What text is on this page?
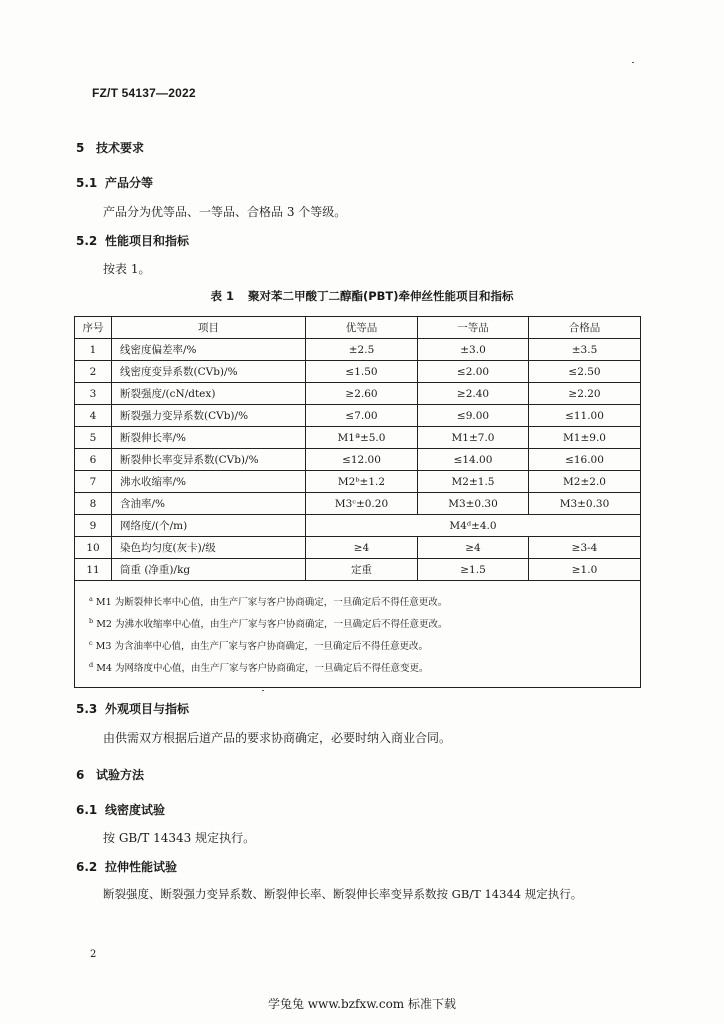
FZ/T 54137—2022
5 技术要求
5.1 产品分等
产品分为优等品、一等品、合格品 3 个等级。
5.2 性能项目和指标
按表 1。
表 1 聚对苯二甲酸丁二醇酯(PBT)牵伸丝性能项目和指标
序号	项目	优等品	一等品	合格品
1	线密度偏差率/%	±2.5	±3.0	±3.5
2	线密度变异系数(CVb)/%	≤1.50	≤2.00	≤2.50
3	断裂强度/(cN/dtex)	≥2.60	≥2.40	≥2.20
4	断裂强力变异系数(CVb)/%	≤7.00	≤9.00	≤11.00
5	断裂伸长率/%	M1ª±5.0	M1±7.0	M1±9.0
6	断裂伸长率变异系数(CVb)/%	≤12.00	≤14.00	≤16.00
7	沸水收缩率/%	M2ᵇ±1.2	M2±1.5	M2±2.0
8	含油率/%	M3ᶜ±0.20	M3±0.30	M3±0.30
9	网络度/(个/m)	M4ᵈ±4.0		
10	染色均匀度(灰卡)/级	≥4	≥4	≥3-4
11	筒重 (净重)/kg	定重	≥1.5	≥1.0

$^a$ M1 为断裂伸长率中心值，由生产厂家与客户协商确定，一旦确定后不得任意更改。
$^b$ M2 为沸水收缩率中心值，由生产厂家与客户协商确定，一旦确定后不得任意更改。
$^c$ M3 为含油率中心值，由生产厂家与客户协商确定，一旦确定后不得任意更改。
$^d$ M4 为网络度中心值，由生产厂家与客户协商确定，一旦确定后不得任意变更。				
5.3 外观项目与指标
由供需双方根据后道产品的要求协商确定，必要时纳入商业合同。
6 试验方法
6.1 线密度试验
按 GB/T 14343 规定执行。
6.2 拉伸性能试验
断裂强度、断裂强力变异系数、断裂伸长率、断裂伸长率变异系数按 GB/T 14344 规定执行。
2
学兔兔 www.bzfxw.com 标准下载
